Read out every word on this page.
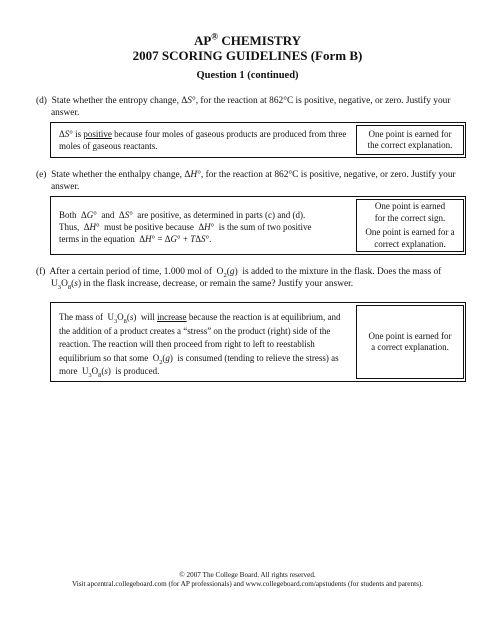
AP® CHEMISTRY
2007 SCORING GUIDELINES (Form B)
Question 1 (continued)
(d)  State whether the entropy change, ΔS°, for the reaction at 862°C is positive, negative, or zero. Justify your
answer.
ΔS° is positive because four moles of gaseous products are produced from three moles of gaseous reactants.
One point is earned for
the correct explanation.
(e)  State whether the enthalpy change, ΔH°, for the reaction at 862°C is positive, negative, or zero. Justify your
answer.
Both  ΔG°  and  ΔS°  are positive, as determined in parts (c) and (d).
Thus,  ΔH°  must be positive because  ΔH°  is the sum of two positive
terms in the equation  ΔH° = ΔG° + TΔS°.
One point is earned
for the correct sign.
One point is earned for a
correct explanation.
(f)  After a certain period of time, 1.000 mol of  $O_2(g)$  is added to the mixture in the flask. Does the mass of
$U_3O_8(s)$ in the flask increase, decrease, or remain the same? Justify your answer.
The mass of  $U_3O_8(s)$  will increase because the reaction is at equilibrium, and the addition of a product creates a “stress” on the product (right) side of the reaction. The reaction will then proceed from right to left to reestablish equilibrium so that some  $O_2(g)$  is consumed (tending to relieve the stress) as more  $U_3O_8(s)$  is produced.
One point is earned for
a correct explanation.
© 2007 The College Board. All rights reserved.
Visit apcentral.collegeboard.com (for AP professionals) and www.collegeboard.com/apstudents (for students and parents).
